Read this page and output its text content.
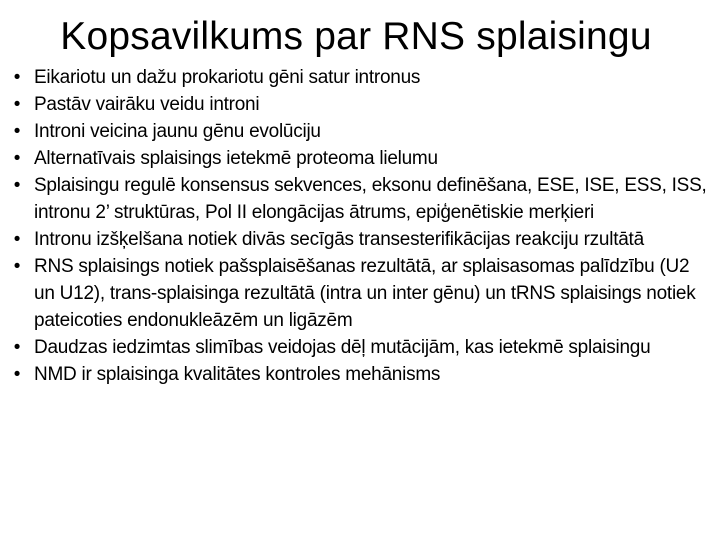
Kopsavilkums par RNS splaisingu
• Eikariotu un dažu prokariotu gēni satur intronus
• Pastāv vairāku veidu introni
• Introni veicina jaunu gēnu evolūciju
• Alternatīvais splaisings ietekmē proteoma lielumu
• Splaisingu regulē konsensus sekvences, eksonu definēšana, ESE, ISE, ESS, ISS, intronu 2’ struktūras, Pol II elongācijas ātrums, epiģenētiskie merķieri
• Intronu izšķelšana notiek divās secīgās transesterifikācijas reakciju rzultātā
• RNS splaisings notiek pašsplaisēšanas rezultātā, ar splaisasomas palīdzību (U2 un U12), trans-splaisinga rezultātā (intra un inter gēnu) un tRNS splaisings notiek pateicoties endonukleāzēm un ligāzēm
• Daudzas iedzimtas slimības veidojas dēļ mutācijām, kas ietekmē splaisingu
• NMD ir splaisinga kvalitātes kontroles mehānisms
